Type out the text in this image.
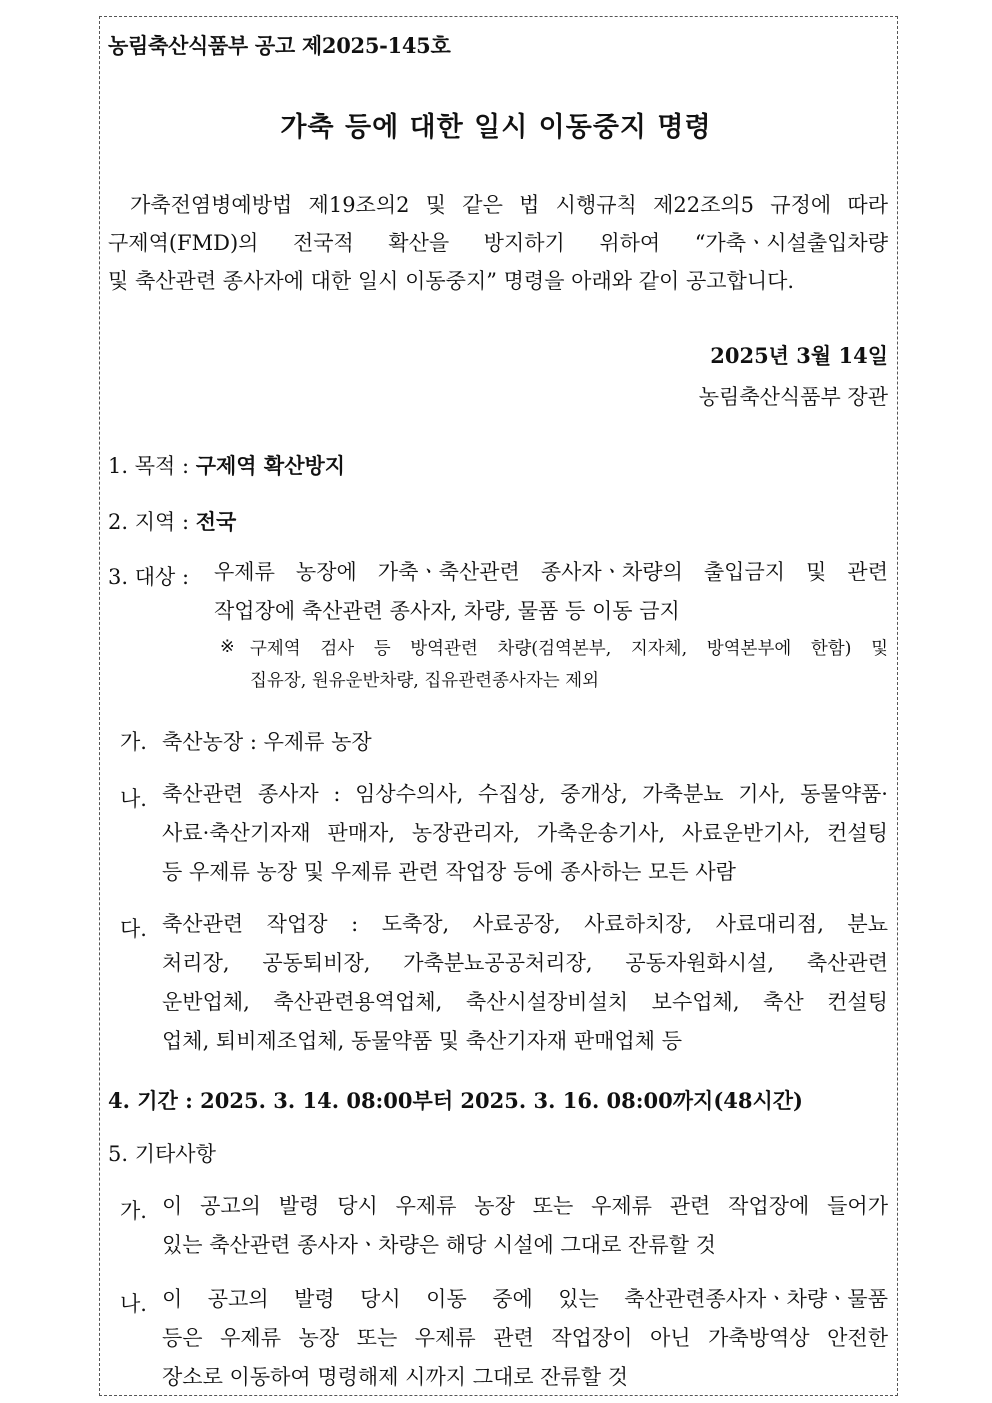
농림축산식품부 공고 제2025-145호
가축 등에 대한 일시 이동중지 명령
가축전염병예방법 제19조의2 및 같은 법 시행규칙 제22조의5 규정에 따라
구제역(FMD)의 전국적 확산을 방지하기 위하여 “가축ㆍ시설출입차량
및 축산관련 종사자에 대한 일시 이동중지” 명령을 아래와 같이 공고합니다.
2025년 3월 14일
농림축산식품부 장관
1. 목적 : 구제역 확산방지
2. 지역 : 전국
3. 대상 : 우제류 농장에 가축ㆍ축산관련 종사자ㆍ차량의 출입금지 및 관련
작업장에 축산관련 종사자, 차량, 물품 등 이동 금지
※ 구제역 검사 등 방역관련 차량(검역본부, 지자체, 방역본부에 한함) 및
집유장, 원유운반차량, 집유관련종사자는 제외
가. 축산농장 : 우제류 농장
나. 축산관련 종사자 : 임상수의사, 수집상, 중개상, 가축분뇨 기사, 동물약품·
사료·축산기자재 판매자, 농장관리자, 가축운송기사, 사료운반기사, 컨설팅
등 우제류 농장 및 우제류 관련 작업장 등에 종사하는 모든 사람
다. 축산관련 작업장 : 도축장, 사료공장, 사료하치장, 사료대리점, 분뇨
처리장, 공동퇴비장, 가축분뇨공공처리장, 공동자원화시설, 축산관련
운반업체, 축산관련용역업체, 축산시설장비설치 보수업체, 축산 컨설팅
업체, 퇴비제조업체, 동물약품 및 축산기자재 판매업체 등
4. 기간 : 2025. 3. 14. 08:00부터 2025. 3. 16. 08:00까지(48시간)
5. 기타사항
가. 이 공고의 발령 당시 우제류 농장 또는 우제류 관련 작업장에 들어가
있는 축산관련 종사자ㆍ차량은 해당 시설에 그대로 잔류할 것
나. 이 공고의 발령 당시 이동 중에 있는 축산관련종사자ㆍ차량ㆍ물품
등은 우제류 농장 또는 우제류 관련 작업장이 아닌 가축방역상 안전한
장소로 이동하여 명령해제 시까지 그대로 잔류할 것
